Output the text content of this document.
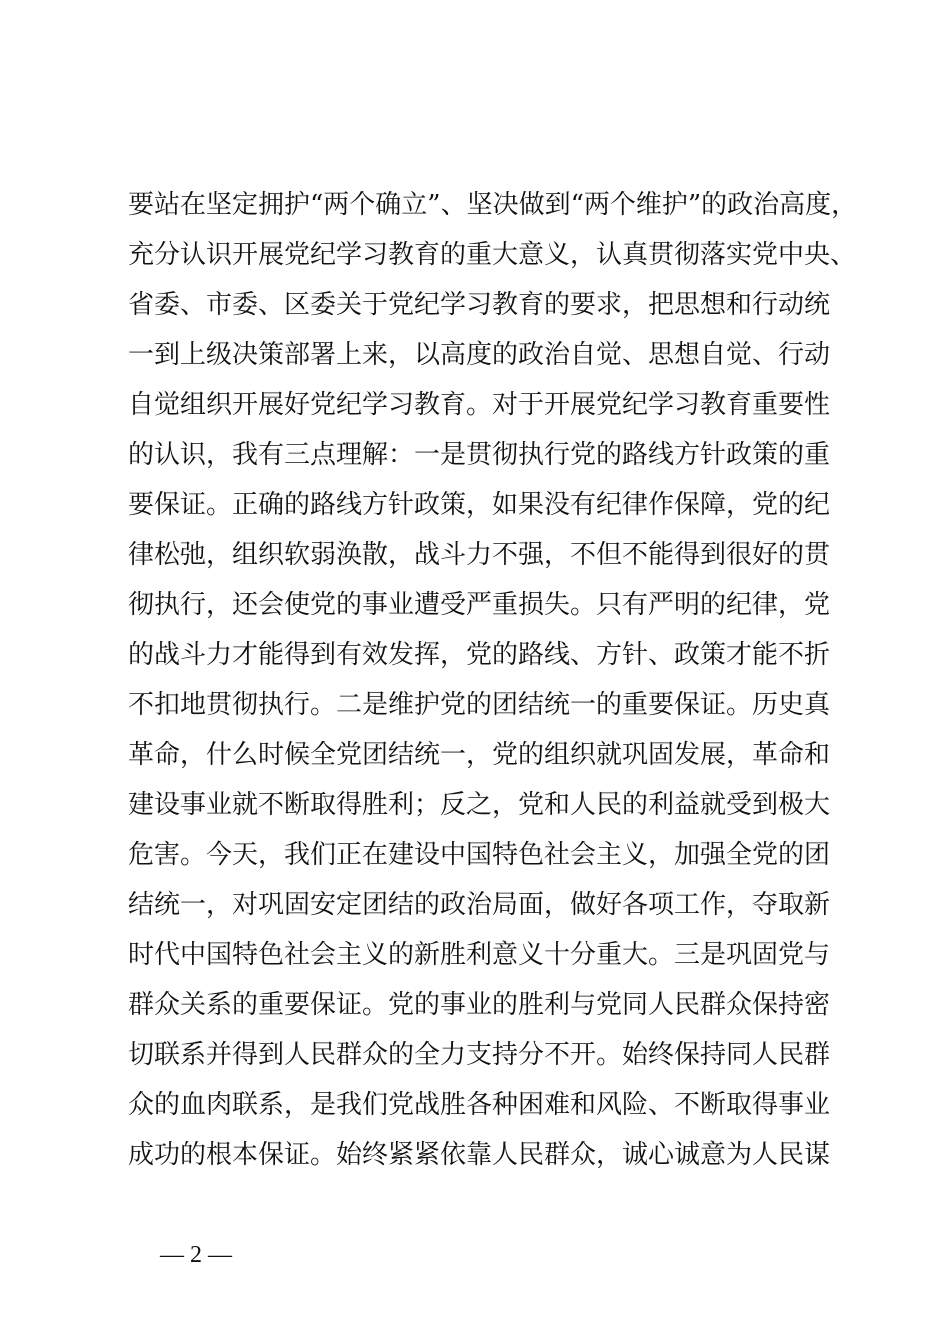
要站在坚定拥护“两个确立”、坚决做到“两个维护”的政治高度，
充分认识开展党纪学习教育的重大意义，认真贯彻落实党中央、
省委、市委、区委关于党纪学习教育的要求，把思想和行动统
一到上级决策部署上来，以高度的政治自觉、思想自觉、行动
自觉组织开展好党纪学习教育。对于开展党纪学习教育重要性
的认识，我有三点理解：一是贯彻执行党的路线方针政策的重
要保证。正确的路线方针政策，如果没有纪律作保障，党的纪
律松弛，组织软弱涣散，战斗力不强，不但不能得到很好的贯
彻执行，还会使党的事业遭受严重损失。只有严明的纪律，党
的战斗力才能得到有效发挥，党的路线、方针、政策才能不折
不扣地贯彻执行。二是维护党的团结统一的重要保证。历史真
革命，什么时候全党团结统一，党的组织就巩固发展，革命和
建设事业就不断取得胜利；反之，党和人民的利益就受到极大
危害。今天，我们正在建设中国特色社会主义，加强全党的团
结统一，对巩固安定团结的政治局面，做好各项工作，夺取新
时代中国特色社会主义的新胜利意义十分重大。三是巩固党与
群众关系的重要保证。党的事业的胜利与党同人民群众保持密
切联系并得到人民群众的全力支持分不开。始终保持同人民群
众的血肉联系，是我们党战胜各种困难和风险、不断取得事业
成功的根本保证。始终紧紧依靠人民群众，诚心诚意为人民谋
— 2 —
